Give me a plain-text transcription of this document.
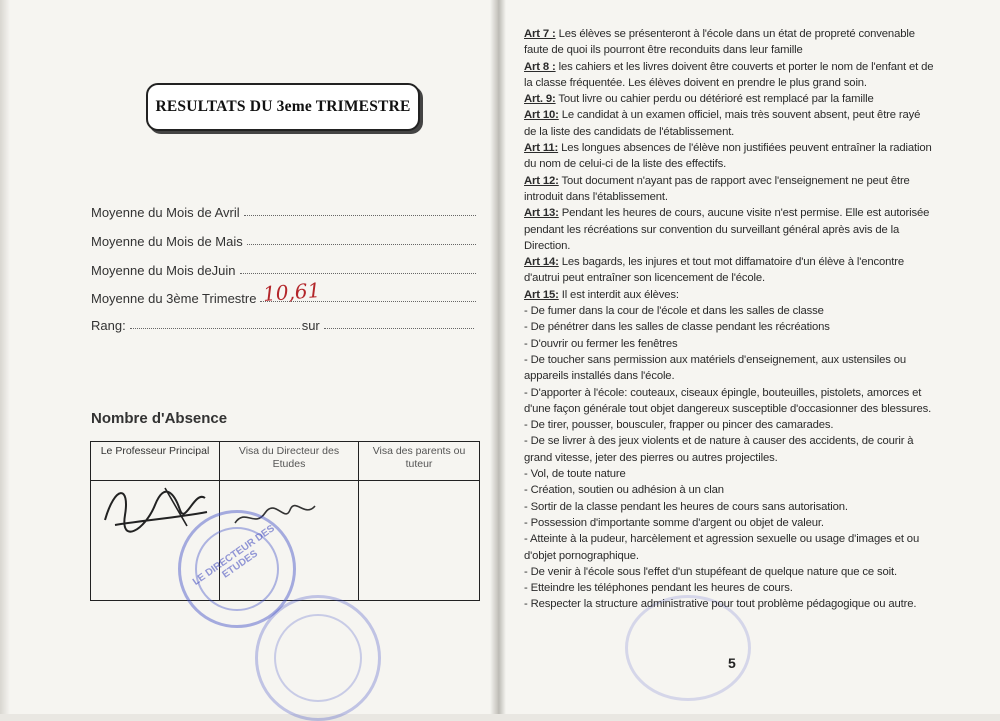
RESULTATS DU 3eme TRIMESTRE
Moyenne du Mois de Avril
Moyenne du Mois de Mais
Moyenne du Mois deJuin
Moyenne du 3ème Trimestre 10,61
Rang:	sur
Nombre d'Absence
Le Professeur Principal	Visa du Directeur des Etudes	Visa des parents ou tuteur

LE DIRECTEUR DES ETUDES

Art 7 : Les élèves se présenteront à l'école dans un état de propreté convenable faute de quoi ils pourront être reconduits dans leur famille

Art 8 : les cahiers et les livres doivent être couverts et porter le nom de l'enfant et de la classe fréquentée. Les élèves doivent en prendre le plus grand soin.

Art. 9: Tout livre ou cahier perdu ou détérioré est remplacé par la famille

Art 10: Le candidat à un examen officiel, mais très souvent absent, peut être rayé de la liste des candidats de l'établissement.

Art 11: Les longues absences de l'élève non justifiées peuvent entraîner la radiation du nom de celui-ci de la liste des effectifs.

Art 12: Tout document n'ayant pas de rapport avec l'enseignement ne peut être introduit dans l'établissement.

Art 13: Pendant les heures de cours, aucune visite n'est permise. Elle est autorisée pendant les récréations sur convention du surveillant général après avis de la Direction.

Art 14: Les bagards, les injures et tout mot diffamatoire d'un élève à l'encontre d'autrui peut entraîner son licencement de l'école.

Art 15: Il est interdit aux élèves:

- De fumer dans la cour de l'école et dans les salles de classe

- De pénétrer dans les salles de classe pendant les récréations

- D'ouvrir ou fermer les fenêtres

- De toucher sans permission aux matériels d'enseignement, aux ustensiles ou appareils installés dans l'école.

- D'apporter à l'école: couteaux, ciseaux épingle, bouteuilles, pistolets, amorces et d'une façon générale tout objet dangereux susceptible d'occasionner des blessures.

- De tirer, pousser, bousculer, frapper ou pincer des camarades.

- De se livrer à des jeux violents et de nature à causer des accidents, de courir à grand vitesse, jeter des pierres ou autres projectiles.

- Vol, de toute nature

- Création, soutien ou adhésion à un clan

- Sortir de la classe pendant les heures de cours sans autorisation.

- Possession d'importante somme d'argent ou objet de valeur.

- Atteinte à la pudeur, harcèlement et agression sexuelle ou usage d'images et ou d'objet pornographique.

- De venir à l'école sous l'effet d'un stupéfeant de quelque nature que ce soit.

- Etteindre les téléphones pendant les heures de cours.

- Respecter la structure administrative pour tout problème pédagogique ou autre.

5
